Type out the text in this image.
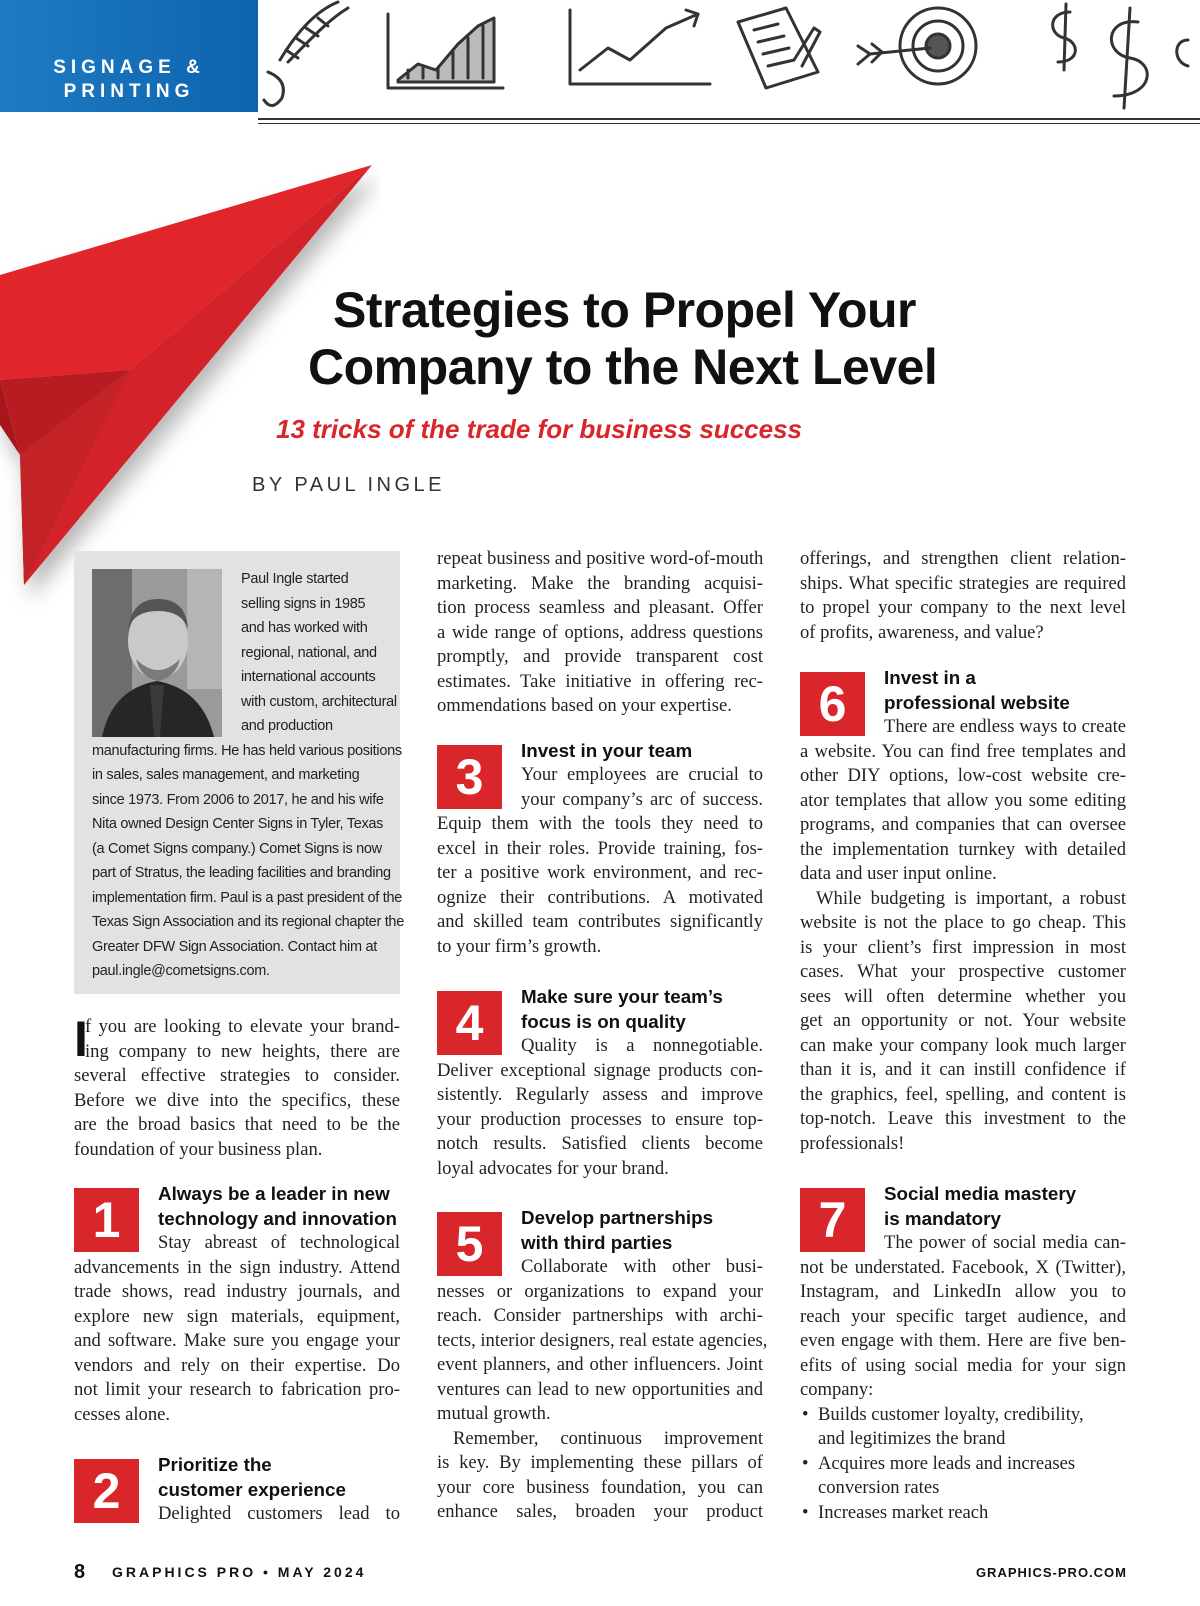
SIGNAGE &
PRINTING
Strategies to Propel Your
Company to the Next Level
13 tricks of the trade for business success
BY PAUL INGLE
Paul Ingle started
selling signs in 1985
and has worked with
regional, national, and
international accounts
with custom, architectural
and production
manufacturing firms. He has held various positions
in sales, sales management, and marketing
since 1973. From 2006 to 2017, he and his wife
Nita owned Design Center Signs in Tyler, Texas
(a Comet Signs company.) Comet Signs is now
part of Stratus, the leading facilities and branding
implementation firm. Paul is a past president of the
Texas Sign Association and its regional chapter the
Greater DFW Sign Association. Contact him at
paul.ingle@cometsigns.com.
I
f you are looking to elevate your brand-
ing company to new heights, there are
several effective strategies to consider.
Before we dive into the specifics, these
are the broad basics that need to be the
foundation of your business plan.
1	Always be a leader in new
technology and innovation
Stay abreast of technological
advancements in the sign industry. Attend
trade shows, read industry journals, and
explore new sign materials, equipment,
and software. Make sure you engage your
vendors and rely on their expertise. Do
not limit your research to fabrication pro-
cesses alone.
2	Prioritize the
customer experience
Delighted customers lead to
repeat business and positive word-of-mouth
marketing. Make the branding acquisi-
tion process seamless and pleasant. Offer
a wide range of options, address questions
promptly, and provide transparent cost
estimates. Take initiative in offering rec-
ommendations based on your expertise.
3	Invest in your team
Your employees are crucial to
your company’s arc of success.
Equip them with the tools they need to
excel in their roles. Provide training, fos-
ter a positive work environment, and rec-
ognize their contributions. A motivated
and skilled team contributes significantly
to your firm’s growth.
4	Make sure your team’s
focus is on quality
Quality is a nonnegotiable.
Deliver exceptional signage products con-
sistently. Regularly assess and improve
your production processes to ensure top-
notch results. Satisfied clients become
loyal advocates for your brand.
5	Develop partnerships
with third parties
Collaborate with other busi-
nesses or organizations to expand your
reach. Consider partnerships with archi-
tects, interior designers, real estate agencies,
event planners, and other influencers. Joint
ventures can lead to new opportunities and
mutual growth.
Remember, continuous improvement
is key. By implementing these pillars of
your core business foundation, you can
enhance sales, broaden your product
offerings, and strengthen client relation-
ships. What specific strategies are required
to propel your company to the next level
of profits, awareness, and value?
6	Invest in a
professional website
There are endless ways to create
a website. You can find free templates and
other DIY options, low-cost website cre-
ator templates that allow you some editing
programs, and companies that can oversee
the implementation turnkey with detailed
data and user input online.
While budgeting is important, a robust
website is not the place to go cheap. This
is your client’s first impression in most
cases. What your prospective customer
sees will often determine whether you
get an opportunity or not. Your website
can make your company look much larger
than it is, and it can instill confidence if
the graphics, feel, spelling, and content is
top-notch. Leave this investment to the
professionals!
7	Social media mastery
is mandatory
The power of social media can-
not be understated. Facebook, X (Twitter),
Instagram, and LinkedIn allow you to
reach your specific target audience, and
even engage with them. Here are five ben-
efits of using social media for your sign
company:
• Builds customer loyalty, credibility,
and legitimizes the brand
• Acquires more leads and increases
conversion rates
• Increases market reach
8 GRAPHICS PRO • MAY 2024	GRAPHICS-PRO.COM
